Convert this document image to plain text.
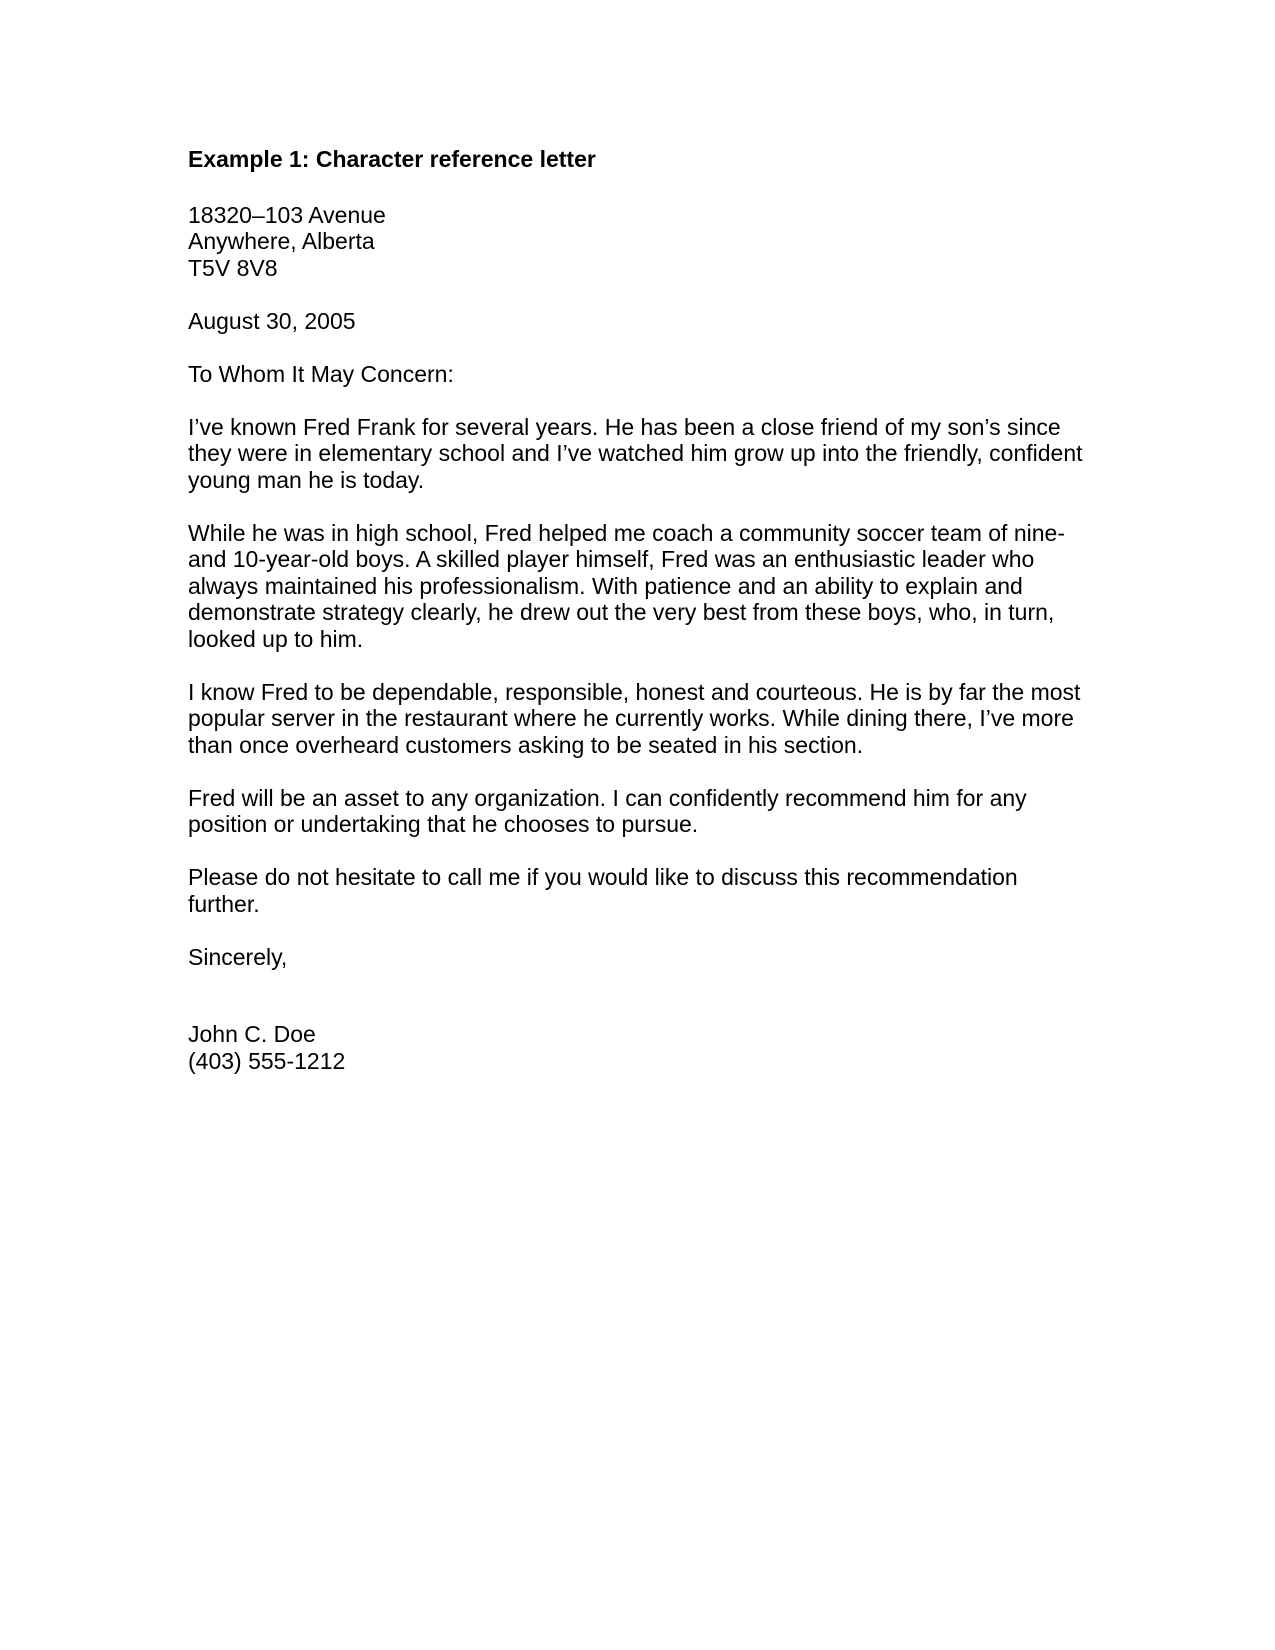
Example 1: Character reference letter
18320–103 Avenue
Anywhere, Alberta
T5V 8V8
August 30, 2005
To Whom It May Concern:
I’ve known Fred Frank for several years. He has been a close friend of my son’s since
they were in elementary school and I’ve watched him grow up into the friendly, confident
young man he is today.
While he was in high school, Fred helped me coach a community soccer team of nine-
and 10-year-old boys. A skilled player himself, Fred was an enthusiastic leader who
always maintained his professionalism. With patience and an ability to explain and
demonstrate strategy clearly, he drew out the very best from these boys, who, in turn,
looked up to him.
I know Fred to be dependable, responsible, honest and courteous. He is by far the most
popular server in the restaurant where he currently works. While dining there, I’ve more
than once overheard customers asking to be seated in his section.
Fred will be an asset to any organization. I can confidently recommend him for any
position or undertaking that he chooses to pursue.
Please do not hesitate to call me if you would like to discuss this recommendation
further.
Sincerely,
John C. Doe
(403) 555-1212
